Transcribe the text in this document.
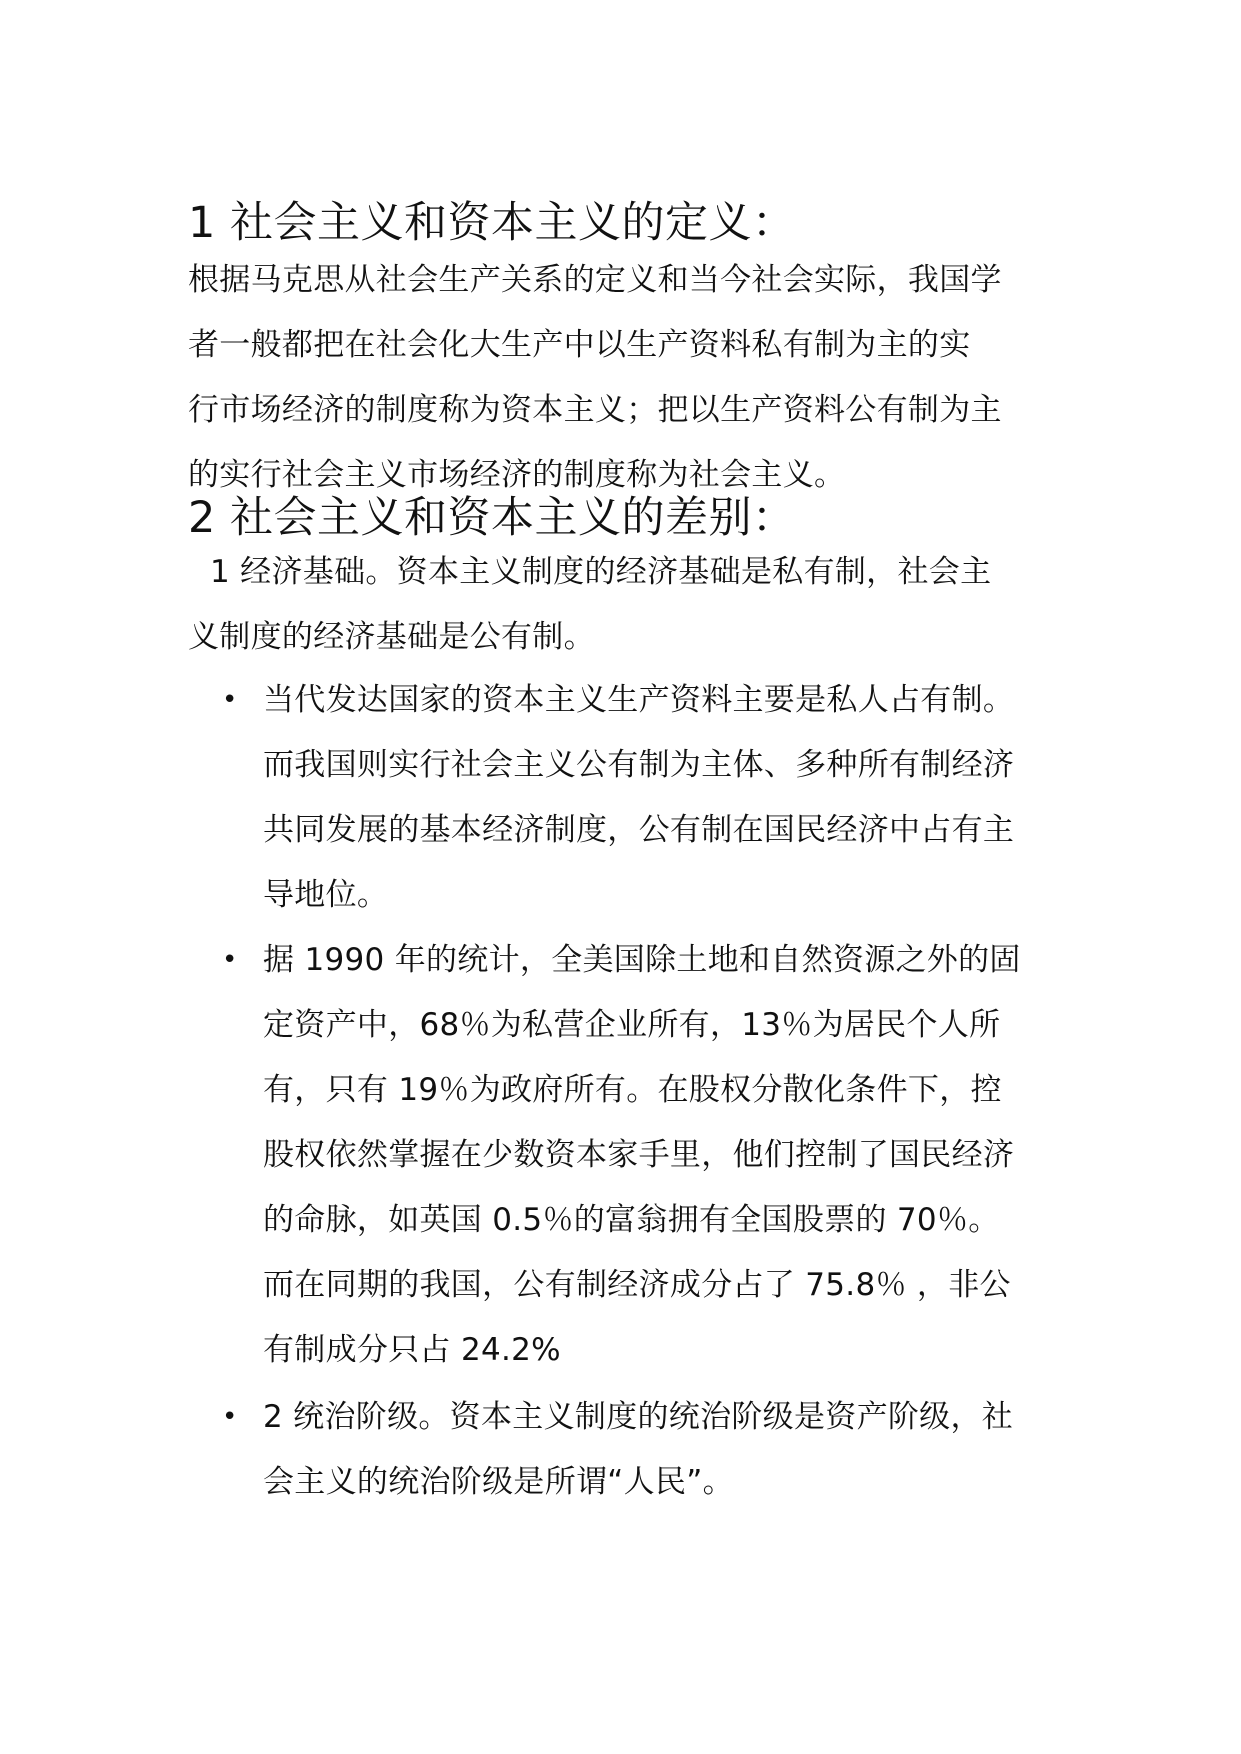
1 社会主义和资本主义的定义：

根据马克思从社会生产关系的定义和当今社会实际，我国学
者一般都把在社会化大生产中以生产资料私有制为主的实
行市场经济的制度称为资本主义；把以生产资料公有制为主
的实行社会主义市场经济的制度称为社会主义。

2 社会主义和资本主义的差别：

1 经济基础。资本主义制度的经济基础是私有制，社会主
义制度的经济基础是公有制。

• 当代发达国家的资本主义生产资料主要是私人占有制。
而我国则实行社会主义公有制为主体、多种所有制经济
共同发展的基本经济制度，公有制在国民经济中占有主
导地位。

• 据 1990 年的统计，全美国除土地和自然资源之外的固
定资产中，68％为私营企业所有，13％为居民个人所
有，只有 19％为政府所有。在股权分散化条件下，控
股权依然掌握在少数资本家手里，他们控制了国民经济
的命脉，如英国 0.5％的富翁拥有全国股票的 70％。
而在同期的我国，公有制经济成分占了 75.8％ ，非公
有制成分只占 24.2%

• 2 统治阶级。资本主义制度的统治阶级是资产阶级，社
会主义的统治阶级是所谓“人民”。
